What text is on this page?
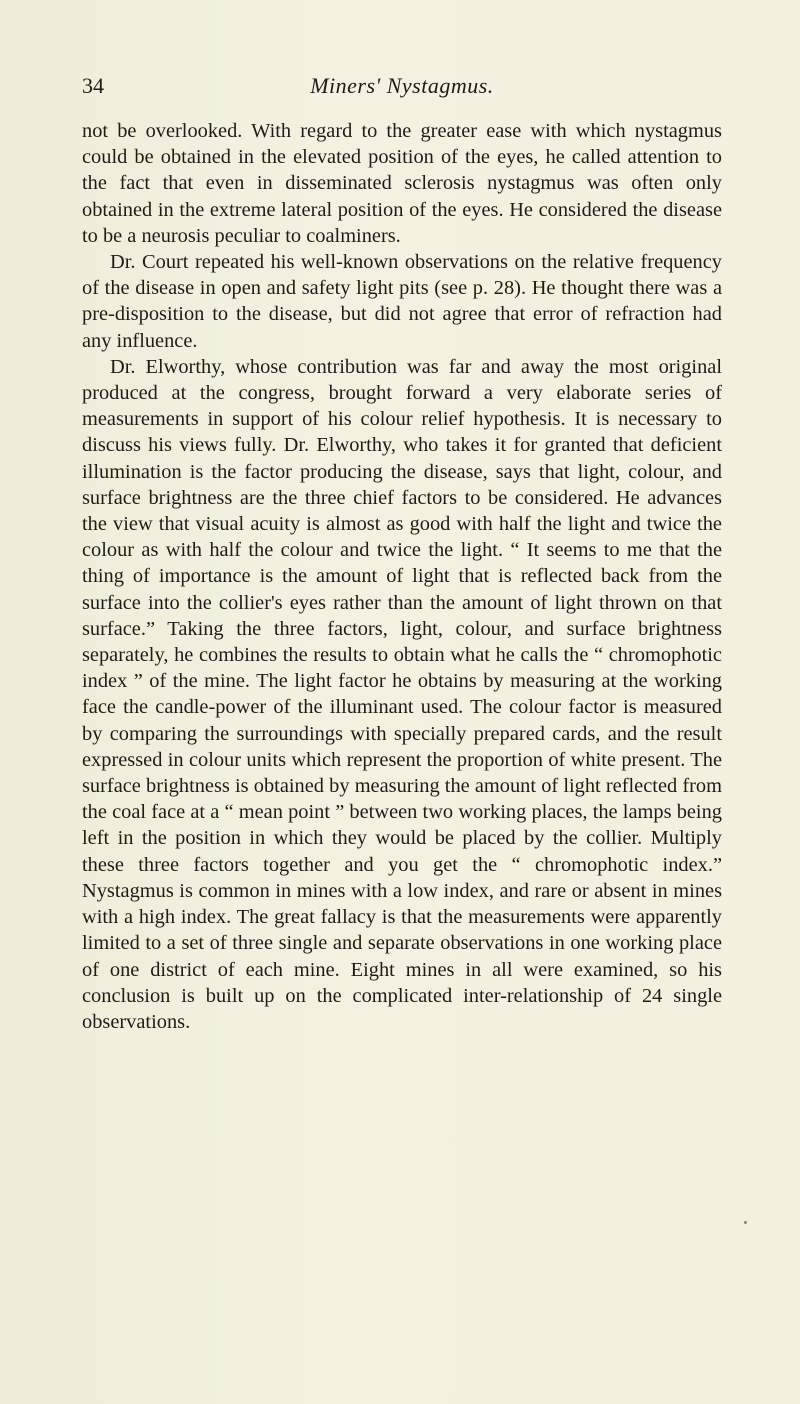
34	Miners' Nystagmus.

not be overlooked. With regard to the greater ease with which nystagmus could be obtained in the elevated position of the eyes, he called attention to the fact that even in disseminated sclerosis nystagmus was often only obtained in the extreme lateral position of the eyes. He considered the disease to be a neurosis peculiar to coalminers.

Dr. Court repeated his well-known observations on the relative frequency of the disease in open and safety light pits (see p. 28). He thought there was a pre-disposition to the disease, but did not agree that error of refraction had any influence.

Dr. Elworthy, whose contribution was far and away the most original produced at the congress, brought forward a very elaborate series of measurements in support of his colour relief hypothesis. It is necessary to discuss his views fully. Dr. Elworthy, who takes it for granted that deficient illumination is the factor producing the disease, says that light, colour, and surface brightness are the three chief factors to be considered. He advances the view that visual acuity is almost as good with half the light and twice the colour as with half the colour and twice the light. “ It seems to me that the thing of importance is the amount of light that is reflected back from the surface into the collier's eyes rather than the amount of light thrown on that surface.” Taking the three factors, light, colour, and surface brightness separately, he combines the results to obtain what he calls the “ chromophotic index ” of the mine. The light factor he obtains by measuring at the working face the candle-power of the illuminant used. The colour factor is measured by comparing the surroundings with specially prepared cards, and the result expressed in colour units which represent the proportion of white present. The surface brightness is obtained by measuring the amount of light reflected from the coal face at a “ mean point ” between two working places, the lamps being left in the position in which they would be placed by the collier. Multiply these three factors together and you get the “ chromophotic index.” Nystagmus is common in mines with a low index, and rare or absent in mines with a high index. The great fallacy is that the measurements were apparently limited to a set of three single and separate observations in one working place of one district of each mine. Eight mines in all were examined, so his conclusion is built up on the complicated inter-relationship of 24 single observations.
